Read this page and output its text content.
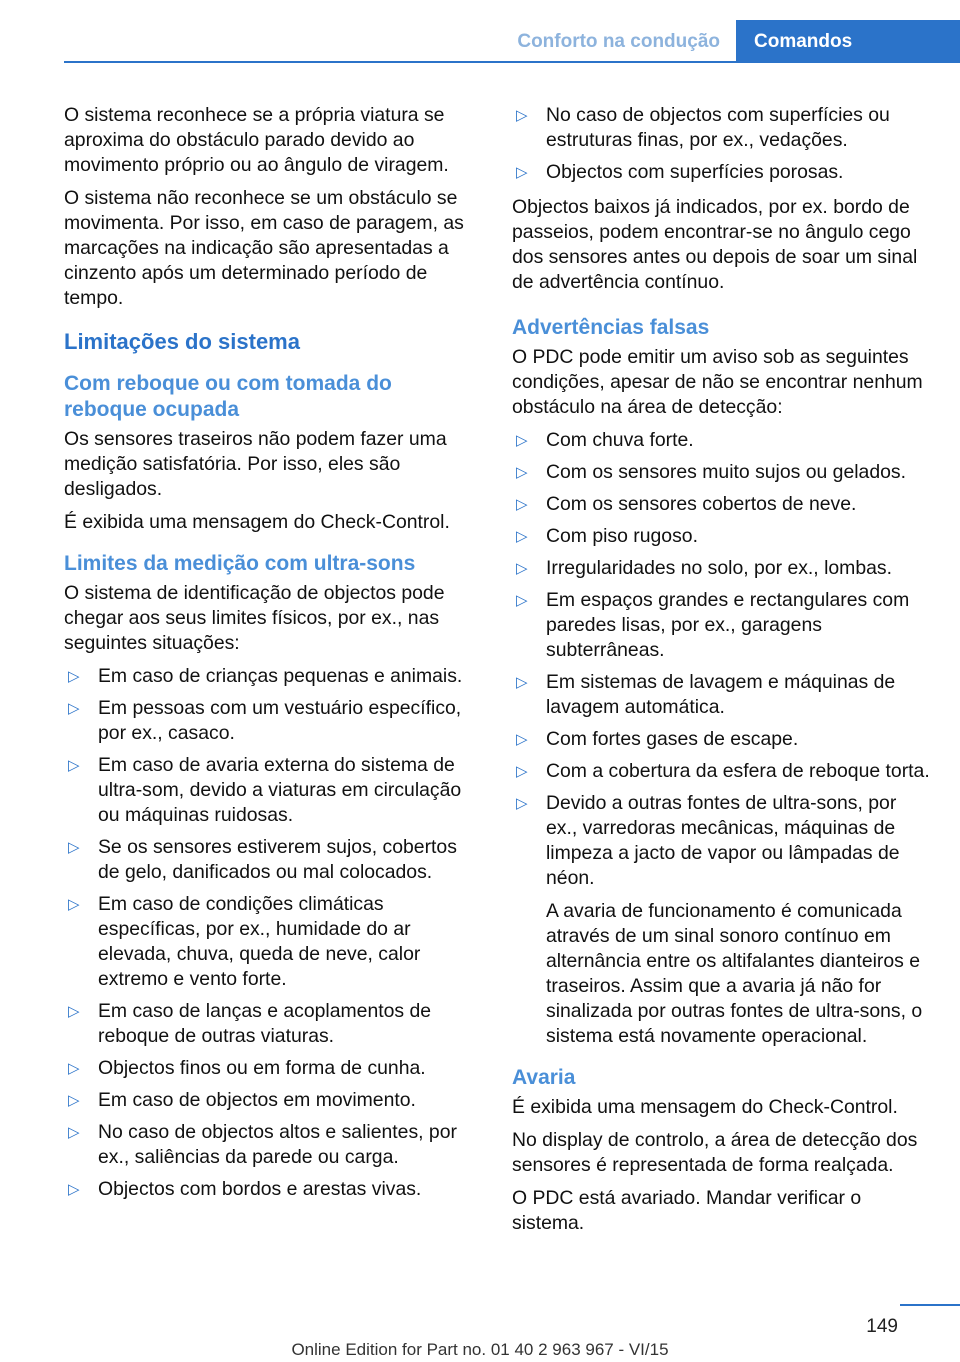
Conforto na condução	Comandos

O sistema reconhece se a própria viatura se aproxima do obstáculo parado devido ao movimento próprio ou ao ângulo de viragem.

O sistema não reconhece se um obstáculo se movimenta. Por isso, em caso de paragem, as marcações na indicação são apresentadas a cinzento após um determinado período de tempo.

Limitações do sistema
Com reboque ou com tomada do reboque ocupada

Os sensores traseiros não podem fazer uma medição satisfatória. Por isso, eles são desligados.

É exibida uma mensagem do Check-Control.

Limites da medição com ultra-sons

O sistema de identificação de objectos pode chegar aos seus limites físicos, por ex., nas seguintes situações:

▷ Em caso de crianças pequenas e animais.
▷ Em pessoas com um vestuário específico, por ex., casaco.
▷ Em caso de avaria externa do sistema de ultra-som, devido a viaturas em circulação ou máquinas ruidosas.
▷ Se os sensores estiverem sujos, cobertos de gelo, danificados ou mal colocados.
▷ Em caso de condições climáticas específicas, por ex., humidade do ar elevada, chuva, queda de neve, calor extremo e vento forte.
▷ Em caso de lanças e acoplamentos de reboque de outras viaturas.
▷ Objectos finos ou em forma de cunha.
▷ Em caso de objectos em movimento.
▷ No caso de objectos altos e salientes, por ex., saliências da parede ou carga.
▷ Objectos com bordos e arestas vivas.
▷ No caso de objectos com superfícies ou estruturas finas, por ex., vedações.
▷ Objectos com superfícies porosas.

Objectos baixos já indicados, por ex. bordo de passeios, podem encontrar-se no ângulo cego dos sensores antes ou depois de soar um sinal de advertência contínuo.

Advertências falsas

O PDC pode emitir um aviso sob as seguintes condições, apesar de não se encontrar nenhum obstáculo na área de detecção:

▷ Com chuva forte.
▷ Com os sensores muito sujos ou gelados.
▷ Com os sensores cobertos de neve.
▷ Com piso rugoso.
▷ Irregularidades no solo, por ex., lombas.
▷ Em espaços grandes e rectangulares com paredes lisas, por ex., garagens subterrâneas.
▷ Em sistemas de lavagem e máquinas de lavagem automática.
▷ Com fortes gases de escape.
▷ Com a cobertura da esfera de reboque torta.
▷ Devido a outras fontes de ultra-sons, por ex., varredoras mecânicas, máquinas de limpeza a jacto de vapor ou lâmpadas de néon.

A avaria de funcionamento é comunicada através de um sinal sonoro contínuo em alternância entre os altifalantes dianteiros e traseiros. Assim que a avaria já não for sinalizada por outras fontes de ultra-sons, o sistema está novamente operacional.

Avaria

É exibida uma mensagem do Check-Control.

No display de controlo, a área de detecção dos sensores é representada de forma realçada.

O PDC está avariado. Mandar verificar o sistema.

149
Online Edition for Part no. 01 40 2 963 967 - VI/15
